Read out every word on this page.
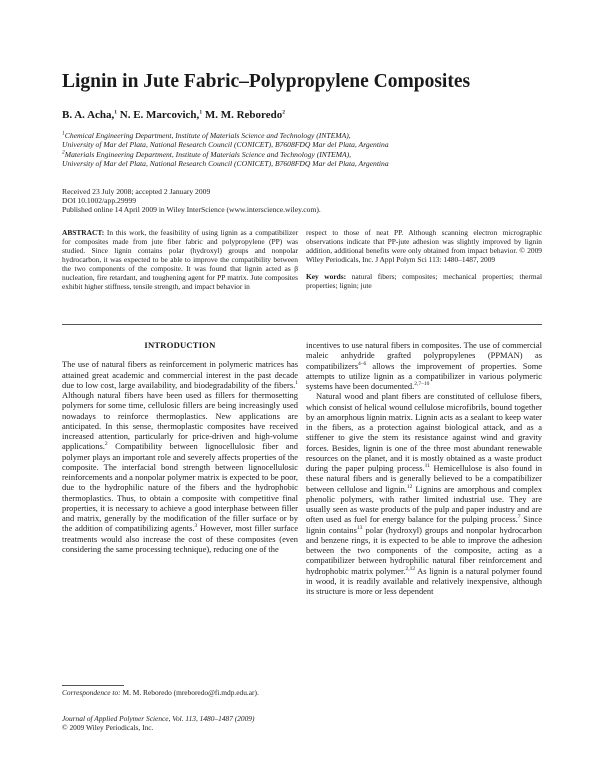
Lignin in Jute Fabric–Polypropylene Composites
B. A. Acha,$^1$ N. E. Marcovich,$^1$ M. M. Reboredo$^2$

$^1$Chemical Engineering Department, Institute of Materials Science and Technology (INTEMA),

University of Mar del Plata, National Research Council (CONICET), B7608FDQ Mar del Plata, Argentina

$^2$Materials Engineering Department, Institute of Materials Science and Technology (INTEMA),

University of Mar del Plata, National Research Council (CONICET), B7608FDQ Mar del Plata, Argentina

Received 23 July 2008; accepted 2 January 2009

DOI 10.1002/app.29999

Published online 14 April 2009 in Wiley InterScience (www.interscience.wiley.com).

ABSTRACT: In this work, the feasibility of using lignin as a compatibilizer for composites made from jute fiber fabric and polypropylene (PP) was studied. Since lignin contains polar (hydroxyl) groups and nonpolar hydrocarbon, it was expected to be able to improve the compatibility between the two components of the composite. It was found that lignin acted as β nucleation, fire retardant, and toughening agent for PP matrix. Jute composites exhibit higher stiffness, tensile strength, and impact behavior in
respect to those of neat PP. Although scanning electron micrographic observations indicate that PP-jute adhesion was slightly improved by lignin addition, additional benefits were only obtained from impact behavior. © 2009 Wiley Periodicals, Inc. J Appl Polym Sci 113: 1480–1487, 2009
Key words: natural fibers; composites; mechanical properties; thermal properties; lignin; jute
INTRODUCTION

The use of natural fibers as reinforcement in polymeric matrices has attained great academic and commercial interest in the past decade due to low cost, large availability, and biodegradability of the fibers.$^1$ Although natural fibers have been used as fillers for thermosetting polymers for some time, cellulosic fillers are being increasingly used nowadays to reinforce thermoplastics. New applications are anticipated. In this sense, thermoplastic composites have received increased attention, particularly for price-driven and high-volume applications.$^2$ Compatibility between lignocellulosic fiber and polymer plays an important role and severely affects properties of the composite. The interfacial bond strength between lignocellulosic reinforcements and a nonpolar polymer matrix is expected to be poor, due to the hydrophilic nature of the fibers and the hydrophobic thermoplastics. Thus, to obtain a composite with competitive final properties, it is necessary to achieve a good interphase between filler and matrix, generally by the modification of the filler surface or by the addition of compatibilizing agents.$^3$ However, most filler surface treatments would also increase the cost of these composites (even considering the same processing technique), reducing one of the

incentives to use natural fibers in composites. The use of commercial maleic anhydride grafted polypropylenes (PPMAN) as compatibilizers$^{4-6}$ allows the improvement of properties. Some attempts to utilize lignin as a compatibilizer in various polymeric systems have been documented.$^{2,7-10}$

Natural wood and plant fibers are constituted of cellulose fibers, which consist of helical wound cellulose microfibrils, bound together by an amorphous lignin matrix. Lignin acts as a sealant to keep water in the fibers, as a protection against biological attack, and as a stiffener to give the stem its resistance against wind and gravity forces. Besides, lignin is one of the three most abundant renewable resources on the planet, and it is mostly obtained as a waste product during the paper pulping process.$^{11}$ Hemicellulose is also found in these natural fibers and is generally believed to be a compatibilizer between cellulose and lignin.$^{12}$ Lignins are amorphous and complex phenolic polymers, with rather limited industrial use. They are usually seen as waste products of the pulp and paper industry and are often used as fuel for energy balance for the pulping process.$^7$ Since lignin contains$^{13}$ polar (hydroxyl) groups and nonpolar hydrocarbon and benzene rings, it is expected to be able to improve the adhesion between the two components of the composite, acting as a compatibilizer between hydrophilic natural fiber reinforcement and hydrophobic matrix polymer.$^{2,12}$ As lignin is a natural polymer found in wood, it is readily available and relatively inexpensive, although its structure is more or less dependent

Correspondence to: M. M. Reboredo (mreboredo@fi.mdp.edu.ar).
Journal of Applied Polymer Science, Vol. 113, 1480–1487 (2009)
© 2009 Wiley Periodicals, Inc.
